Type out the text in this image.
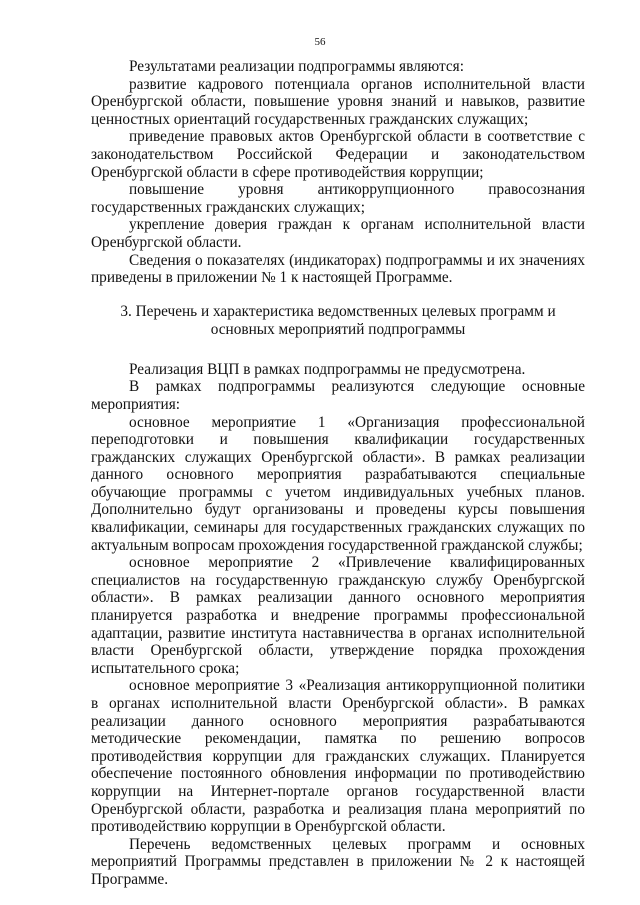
56

Результатами реализации подпрограммы являются:

развитие кадрового потенциала органов исполнительной власти Оренбургской области, повышение уровня знаний и навыков, развитие ценностных ориентаций государственных гражданских служащих;

приведение правовых актов Оренбургской области в соответствие с законодательством Российской Федерации и законодательством Оренбургской области в сфере противодействия коррупции;

повышение уровня антикоррупционного правосознания государственных гражданских служащих;

укрепление доверия граждан к органам исполнительной власти Оренбургской области.

Сведения о показателях (индикаторах) подпрограммы и их значениях приведены в приложении № 1 к настоящей Программе.

3. Перечень и характеристика ведомственных целевых программ и
основных мероприятий подпрограммы

Реализация ВЦП в рамках подпрограммы не предусмотрена.

В рамках подпрограммы реализуются следующие основные мероприятия:

основное мероприятие 1 «Организация профессиональной переподготовки и повышения квалификации государственных гражданских служащих Оренбургской области». В рамках реализации данного основного мероприятия разрабатываются специальные обучающие программы с учетом индивидуальных учебных планов. Дополнительно будут организованы и проведены курсы повышения квалификации, семинары для государственных гражданских служащих по актуальным вопросам прохождения государственной гражданской службы;

основное мероприятие 2 «Привлечение квалифицированных специалистов на государственную гражданскую службу Оренбургской области». В рамках реализации данного основного мероприятия планируется разработка и внедрение программы профессиональной адаптации, развитие института наставничества в органах исполнительной власти Оренбургской области, утверждение порядка прохождения испытательного срока;

основное мероприятие 3 «Реализация антикоррупционной политики в органах исполнительной власти Оренбургской области». В рамках реализации данного основного мероприятия разрабатываются методические рекомендации, памятка по решению вопросов противодействия коррупции для гражданских служащих. Планируется обеспечение постоянного обновления информации по противодействию коррупции на Интернет-портале органов государственной власти Оренбургской области, разработка и реализация плана мероприятий по противодействию коррупции в Оренбургской области.

Перечень ведомственных целевых программ и основных мероприятий Программы представлен в приложении № 2 к настоящей Программе.
